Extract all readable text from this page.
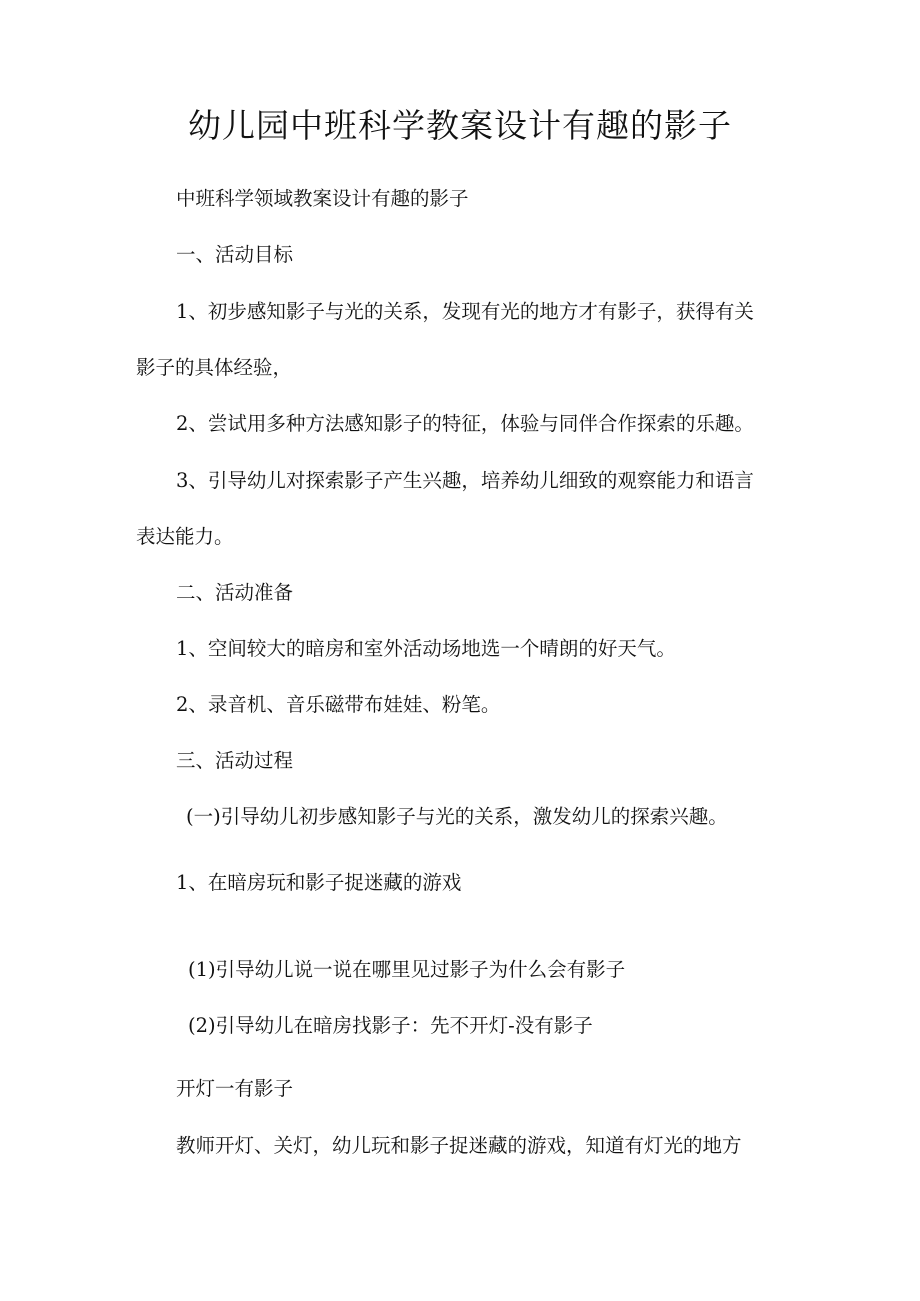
幼儿园中班科学教案设计有趣的影子
中班科学领域教案设计有趣的影子
一、活动目标
1、初步感知影子与光的关系，发现有光的地方才有影子，获得有关
影子的具体经验，
2、尝试用多种方法感知影子的特征，体验与同伴合作探索的乐趣。
3、引导幼儿对探索影子产生兴趣，培养幼儿细致的观察能力和语言
表达能力。
二、活动准备
1、空间较大的暗房和室外活动场地选一个晴朗的好天气。
2、录音机、音乐磁带布娃娃、粉笔。
三、活动过程
(一)引导幼儿初步感知影子与光的关系，激发幼儿的探索兴趣。
1、在暗房玩和影子捉迷藏的游戏
(1)引导幼儿说一说在哪里见过影子为什么会有影子
(2)引导幼儿在暗房找影子：先不开灯-没有影子
开灯一有影子
教师开灯、关灯，幼儿玩和影子捉迷藏的游戏，知道有灯光的地方
